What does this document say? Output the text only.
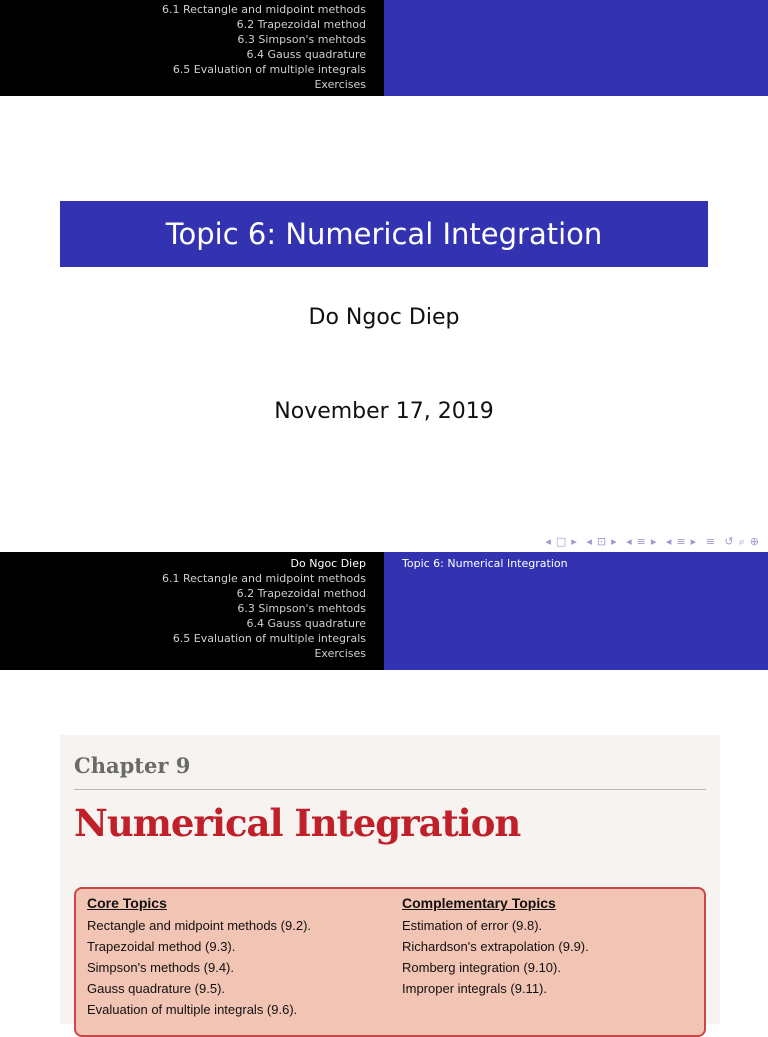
6.1 Rectangle and midpoint methods
6.2 Trapezoidal method
6.3 Simpson's mehtods
6.4 Gauss quadrature
6.5 Evaluation of multiple integrals
Exercises
Topic 6: Numerical Integration
Do Ngoc Diep
November 17, 2019
◂ □ ▸ ◂ ⊡ ▸ ◂ ≡ ▸ ◂ ≡ ▸ ≡ ↺ ⌕ ⊕
Do Ngoc Diep
6.1 Rectangle and midpoint methods
6.2 Trapezoidal method
6.3 Simpson's mehtods
6.4 Gauss quadrature
6.5 Evaluation of multiple integrals
Exercises
Topic 6: Numerical Integration
Chapter 9
Numerical Integration
Core Topics
Rectangle and midpoint methods (9.2).
Trapezoidal method (9.3).
Simpson's methods (9.4).
Gauss quadrature (9.5).
Evaluation of multiple integrals (9.6).
Complementary Topics
Estimation of error (9.8).
Richardson's extrapolation (9.9).
Romberg integration (9.10).
Improper integrals (9.11).
